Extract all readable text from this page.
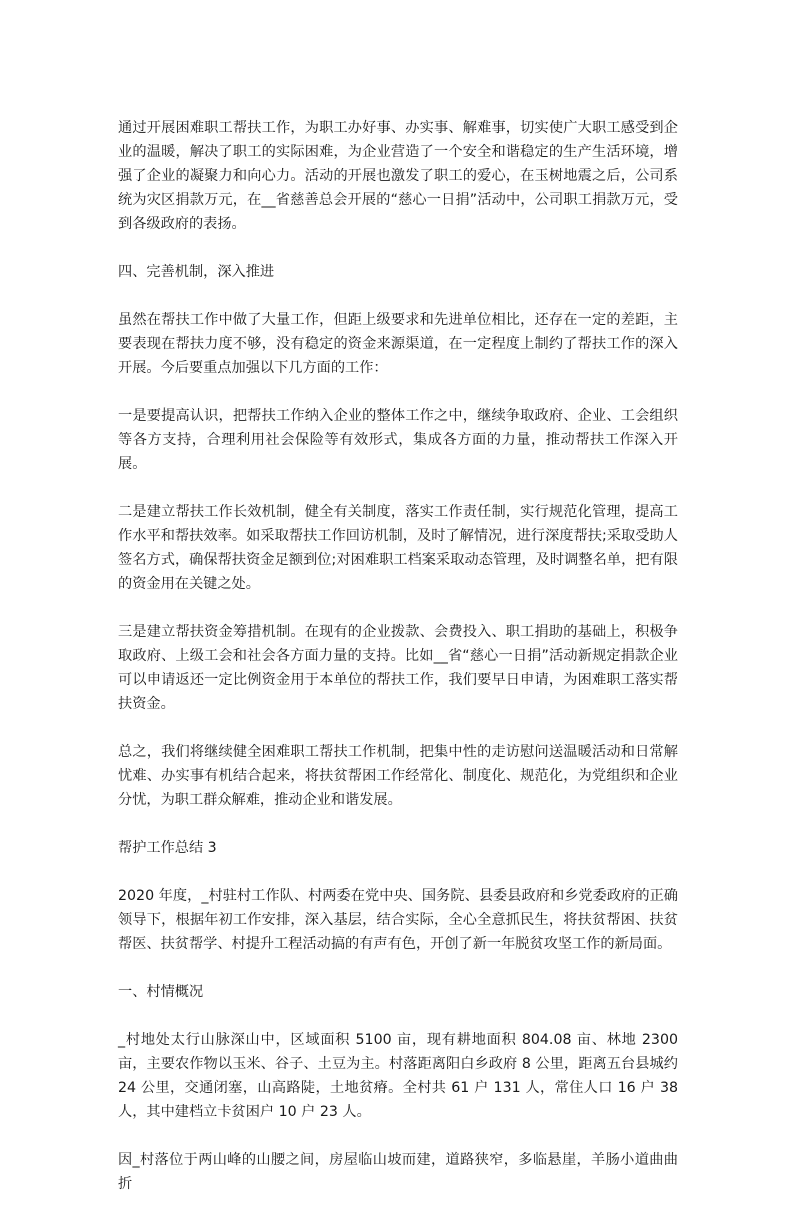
通过开展困难职工帮扶工作，为职工办好事、办实事、解难事，切实使广大职工感受到企业的温暖，解决了职工的实际困难，为企业营造了一个安全和谐稳定的生产生活环境，增强了企业的凝聚力和向心力。活动的开展也激发了职工的爱心，在玉树地震之后，公司系统为灾区捐款万元，在__省慈善总会开展的“慈心一日捐”活动中，公司职工捐款万元，受到各级政府的表扬。

四、完善机制，深入推进

虽然在帮扶工作中做了大量工作，但距上级要求和先进单位相比，还存在一定的差距，主要表现在帮扶力度不够，没有稳定的资金来源渠道，在一定程度上制约了帮扶工作的深入开展。今后要重点加强以下几方面的工作：

一是要提高认识，把帮扶工作纳入企业的整体工作之中，继续争取政府、企业、工会组织等各方支持，合理利用社会保险等有效形式，集成各方面的力量，推动帮扶工作深入开展。

二是建立帮扶工作长效机制，健全有关制度，落实工作责任制，实行规范化管理，提高工作水平和帮扶效率。如采取帮扶工作回访机制，及时了解情况，进行深度帮扶;采取受助人签名方式，确保帮扶资金足额到位;对困难职工档案采取动态管理，及时调整名单，把有限的资金用在关键之处。

三是建立帮扶资金筹措机制。在现有的企业拨款、会费投入、职工捐助的基础上，积极争取政府、上级工会和社会各方面力量的支持。比如__省“慈心一日捐”活动新规定捐款企业可以申请返还一定比例资金用于本单位的帮扶工作，我们要早日申请，为困难职工落实帮扶资金。

总之，我们将继续健全困难职工帮扶工作机制，把集中性的走访慰问送温暖活动和日常解忧难、办实事有机结合起来，将扶贫帮困工作经常化、制度化、规范化，为党组织和企业分忧，为职工群众解难，推动企业和谐发展。

帮护工作总结 3

2020 年度，_村驻村工作队、村两委在党中央、国务院、县委县政府和乡党委政府的正确领导下，根据年初工作安排，深入基层，结合实际，全心全意抓民生，将扶贫帮困、扶贫帮医、扶贫帮学、村提升工程活动搞的有声有色，开创了新一年脱贫攻坚工作的新局面。

一、村情概况

_村地处太行山脉深山中，区域面积 5100 亩，现有耕地面积 804.08 亩、林地 2300 亩，主要农作物以玉米、谷子、土豆为主。村落距离阳白乡政府 8 公里，距离五台县城约 24 公里，交通闭塞，山高路陡，土地贫瘠。全村共 61 户 131 人，常住人口 16 户 38 人，其中建档立卡贫困户 10 户 23 人。

因_村落位于两山峰的山腰之间，房屋临山坡而建，道路狭窄，多临悬崖，羊肠小道曲曲折
